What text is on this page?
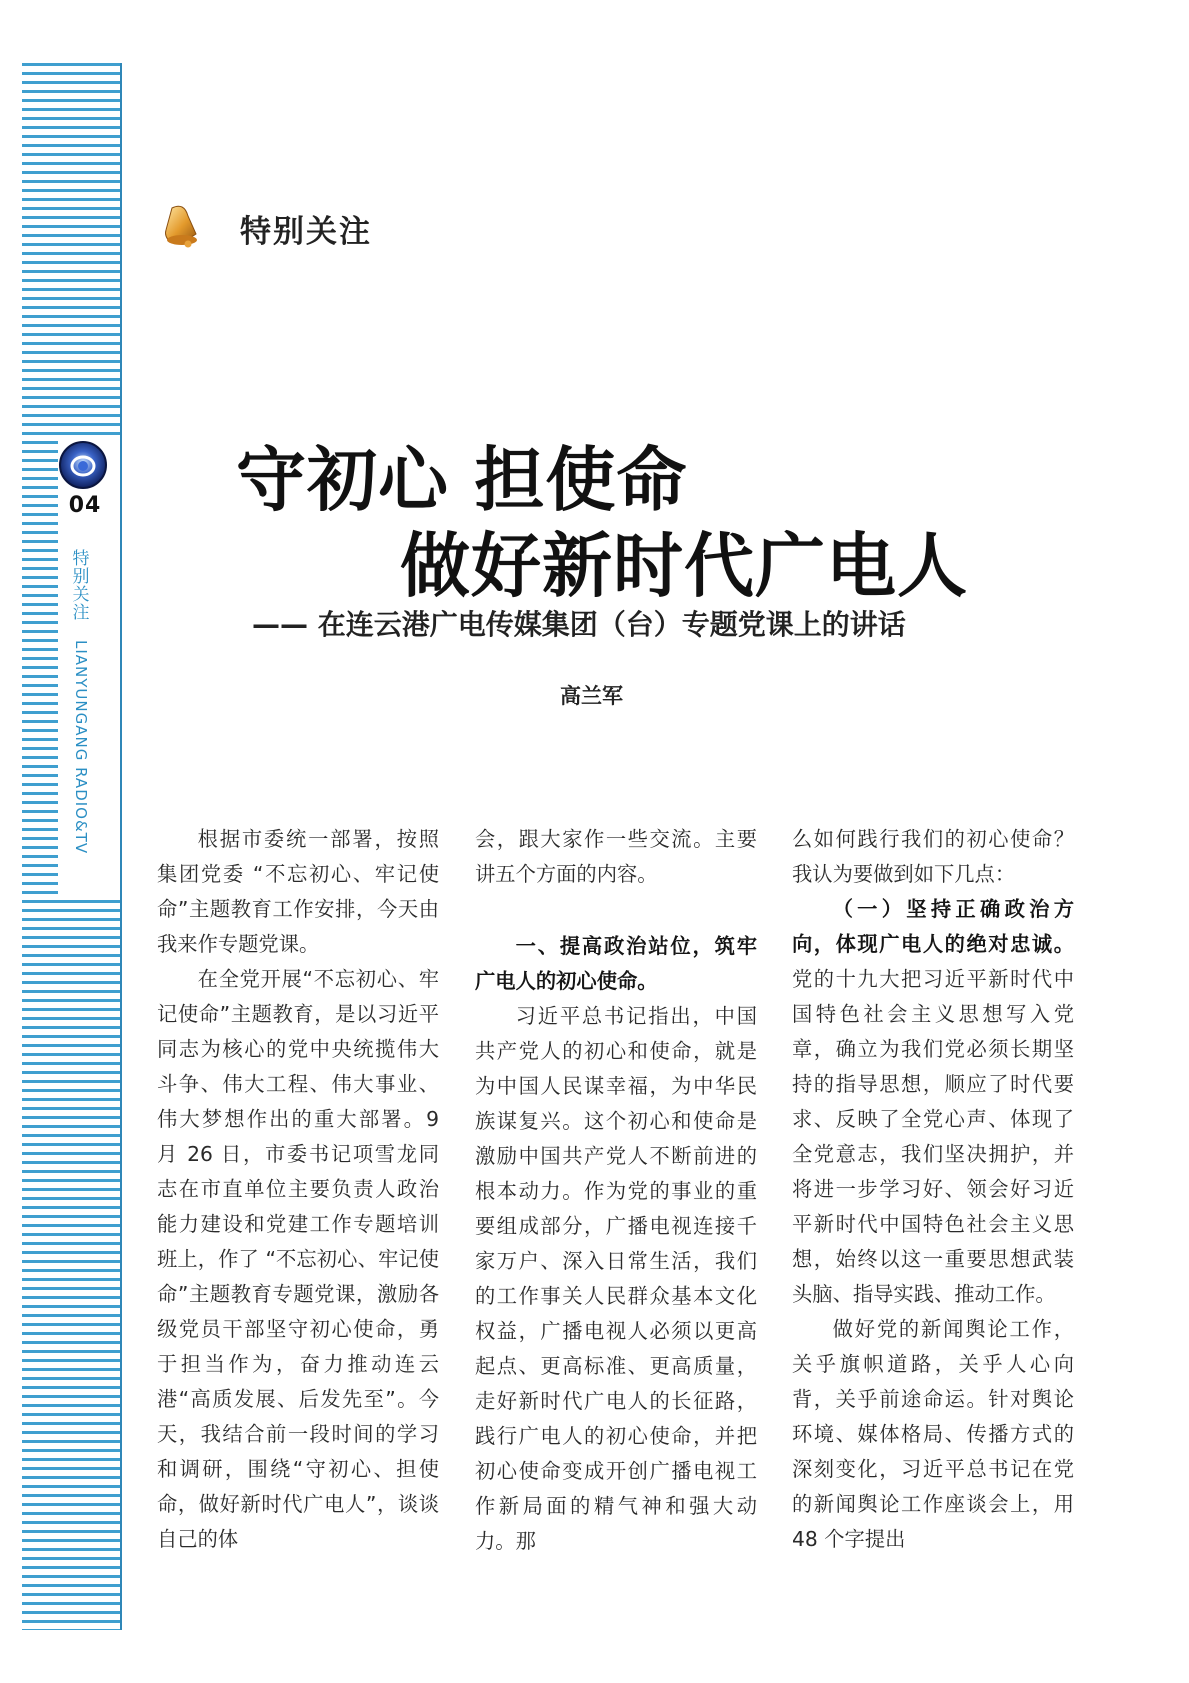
04
特别关注
LIANYUNGANG RADIO&TV
特别关注
守初心 担使命
做好新时代广电人
—— 在连云港广电传媒集团（台）专题党课上的讲话
高兰军

根据市委统一部署，按照集团党委 “不忘初心、牢记使命”主题教育工作安排，今天由我来作专题党课。

在全党开展“不忘初心、牢记使命”主题教育，是以习近平同志为核心的党中央统揽伟大斗争、伟大工程、伟大事业、伟大梦想作出的重大部署。9 月 26 日，市委书记项雪龙同志在市直单位主要负责人政治能力建设和党建工作专题培训班上，作了 “不忘初心、牢记使命”主题教育专题党课，激励各级党员干部坚守初心使命，勇于担当作为，奋力推动连云港“高质发展、后发先至”。今天，我结合前一段时间的学习和调研，围绕“守初心、担使命，做好新时代广电人”，谈谈自己的体

会，跟大家作一些交流。主要讲五个方面的内容。

一、提高政治站位，筑牢广电人的初心使命。

习近平总书记指出，中国共产党人的初心和使命，就是为中国人民谋幸福，为中华民族谋复兴。这个初心和使命是激励中国共产党人不断前进的根本动力。作为党的事业的重要组成部分，广播电视连接千家万户、深入日常生活，我们的工作事关人民群众基本文化权益，广播电视人必须以更高起点、更高标准、更高质量，走好新时代广电人的长征路，践行广电人的初心使命，并把初心使命变成开创广播电视工作新局面的精气神和强大动力。那

么如何践行我们的初心使命？我认为要做到如下几点：

（一）坚持正确政治方向，体现广电人的绝对忠诚。党的十九大把习近平新时代中国特色社会主义思想写入党章，确立为我们党必须长期坚持的指导思想，顺应了时代要求、反映了全党心声、体现了全党意志，我们坚决拥护，并将进一步学习好、领会好习近平新时代中国特色社会主义思想，始终以这一重要思想武装头脑、指导实践、推动工作。

做好党的新闻舆论工作，关乎旗帜道路，关乎人心向背，关乎前途命运。针对舆论环境、媒体格局、传播方式的深刻变化，习近平总书记在党的新闻舆论工作座谈会上，用 48 个字提出
